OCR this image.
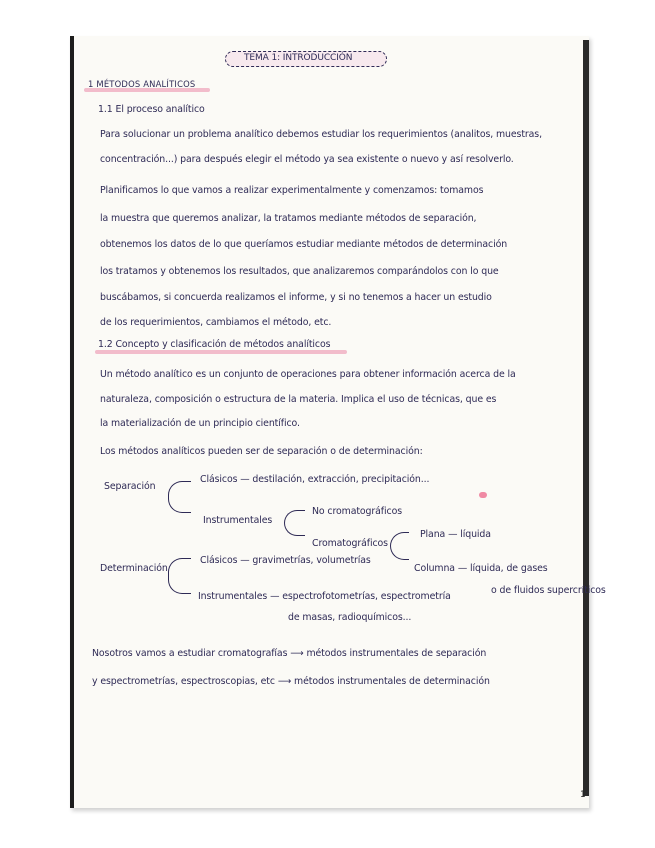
TEMA 1: INTRODUCCIÓN
1 MÉTODOS ANALÍTICOS
1.1 El proceso analítico
Para solucionar un problema analítico debemos estudiar los requerimientos (analitos, muestras,
concentración...) para después elegir el método ya sea existente o nuevo y así resolverlo.
Planificamos lo que vamos a realizar experimentalmente y comenzamos: tomamos
la muestra que queremos analizar, la tratamos mediante métodos de separación,
obtenemos los datos de lo que queríamos estudiar mediante métodos de determinación
los tratamos y obtenemos los resultados, que analizaremos comparándolos con lo que
buscábamos, si concuerda realizamos el informe, y si no tenemos a hacer un estudio
de los requerimientos, cambiamos el método, etc.
1.2 Concepto y clasificación de métodos analíticos
Un método analítico es un conjunto de operaciones para obtener información acerca de la
naturaleza, composición o estructura de la materia. Implica el uso de técnicas, que es
la materialización de un principio científico.
Los métodos analíticos pueden ser de separación o de determinación:
Separación
Clásicos — destilación, extracción, precipitación...
Instrumentales
No cromatográficos
Cromatográficos
Plana — líquida
Columna — líquida, de gases
o de fluidos supercríticos
Determinación
Clásicos — gravimetrías, volumetrías
Instrumentales — espectrofotometrías, espectrometría
de masas, radioquímicos...
Nosotros vamos a estudiar cromatografías ⟶ métodos instrumentales de separación
y espectrometrías, espectroscopias, etc ⟶ métodos instrumentales de determinación
1
